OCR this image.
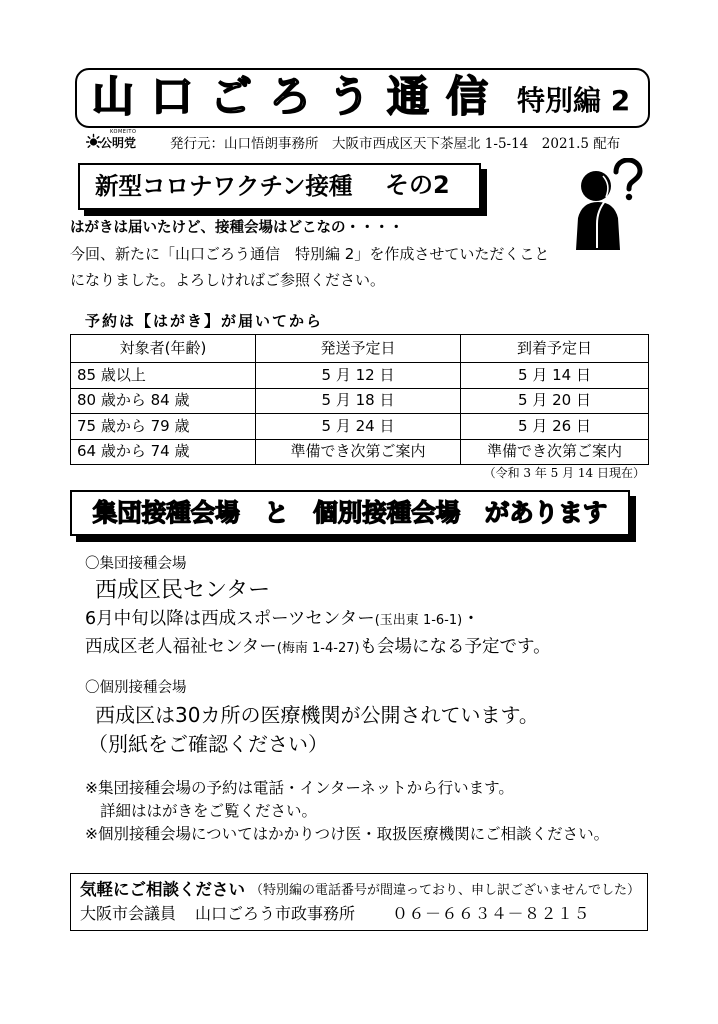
山口ごろう通信 特別編 2
KOMEITO
公明党	発行元：山口悟朗事務所　大阪市西成区天下茶屋北 1-5-14　2021.5 配布
新型コロナワクチン接種 その2
はがきは届いたけど、接種会場はどこなの・・・・
今回、新たに「山口ごろう通信　特別編 2」を作成させていただくこと
になりました。よろしければご参照ください。
予約は【はがき】が届いてから
対象者(年齢)	発送予定日	到着予定日
85 歳以上	5 月 12 日	5 月 14 日
80 歳から 84 歳	5 月 18 日	5 月 20 日
75 歳から 79 歳	5 月 24 日	5 月 26 日
64 歳から 74 歳	準備でき次第ご案内	準備でき次第ご案内
（令和 3 年 5 月 14 日現在）
集団接種会場　と　個別接種会場　があります
〇集団接種会場
西成区民センター
6月中旬以降は西成スポーツセンター(玉出東 1-6-1)・
西成区老人福祉センター(梅南 1-4-27)も会場になる予定です。
〇個別接種会場
西成区は30カ所の医療機関が公開されています。
（別紙をご確認ください）
※集団接種会場の予約は電話・インターネットから行います。
詳細ははがきをご覧ください。
※個別接種会場についてはかかりつけ医・取扱医療機関にご相談ください。
気軽にご相談ください （特別編の電話番号が間違っており、申し訳ございませんでした）
大阪市会議員 山口ごろう市政事務所 ０６－６６３４－８２１５
